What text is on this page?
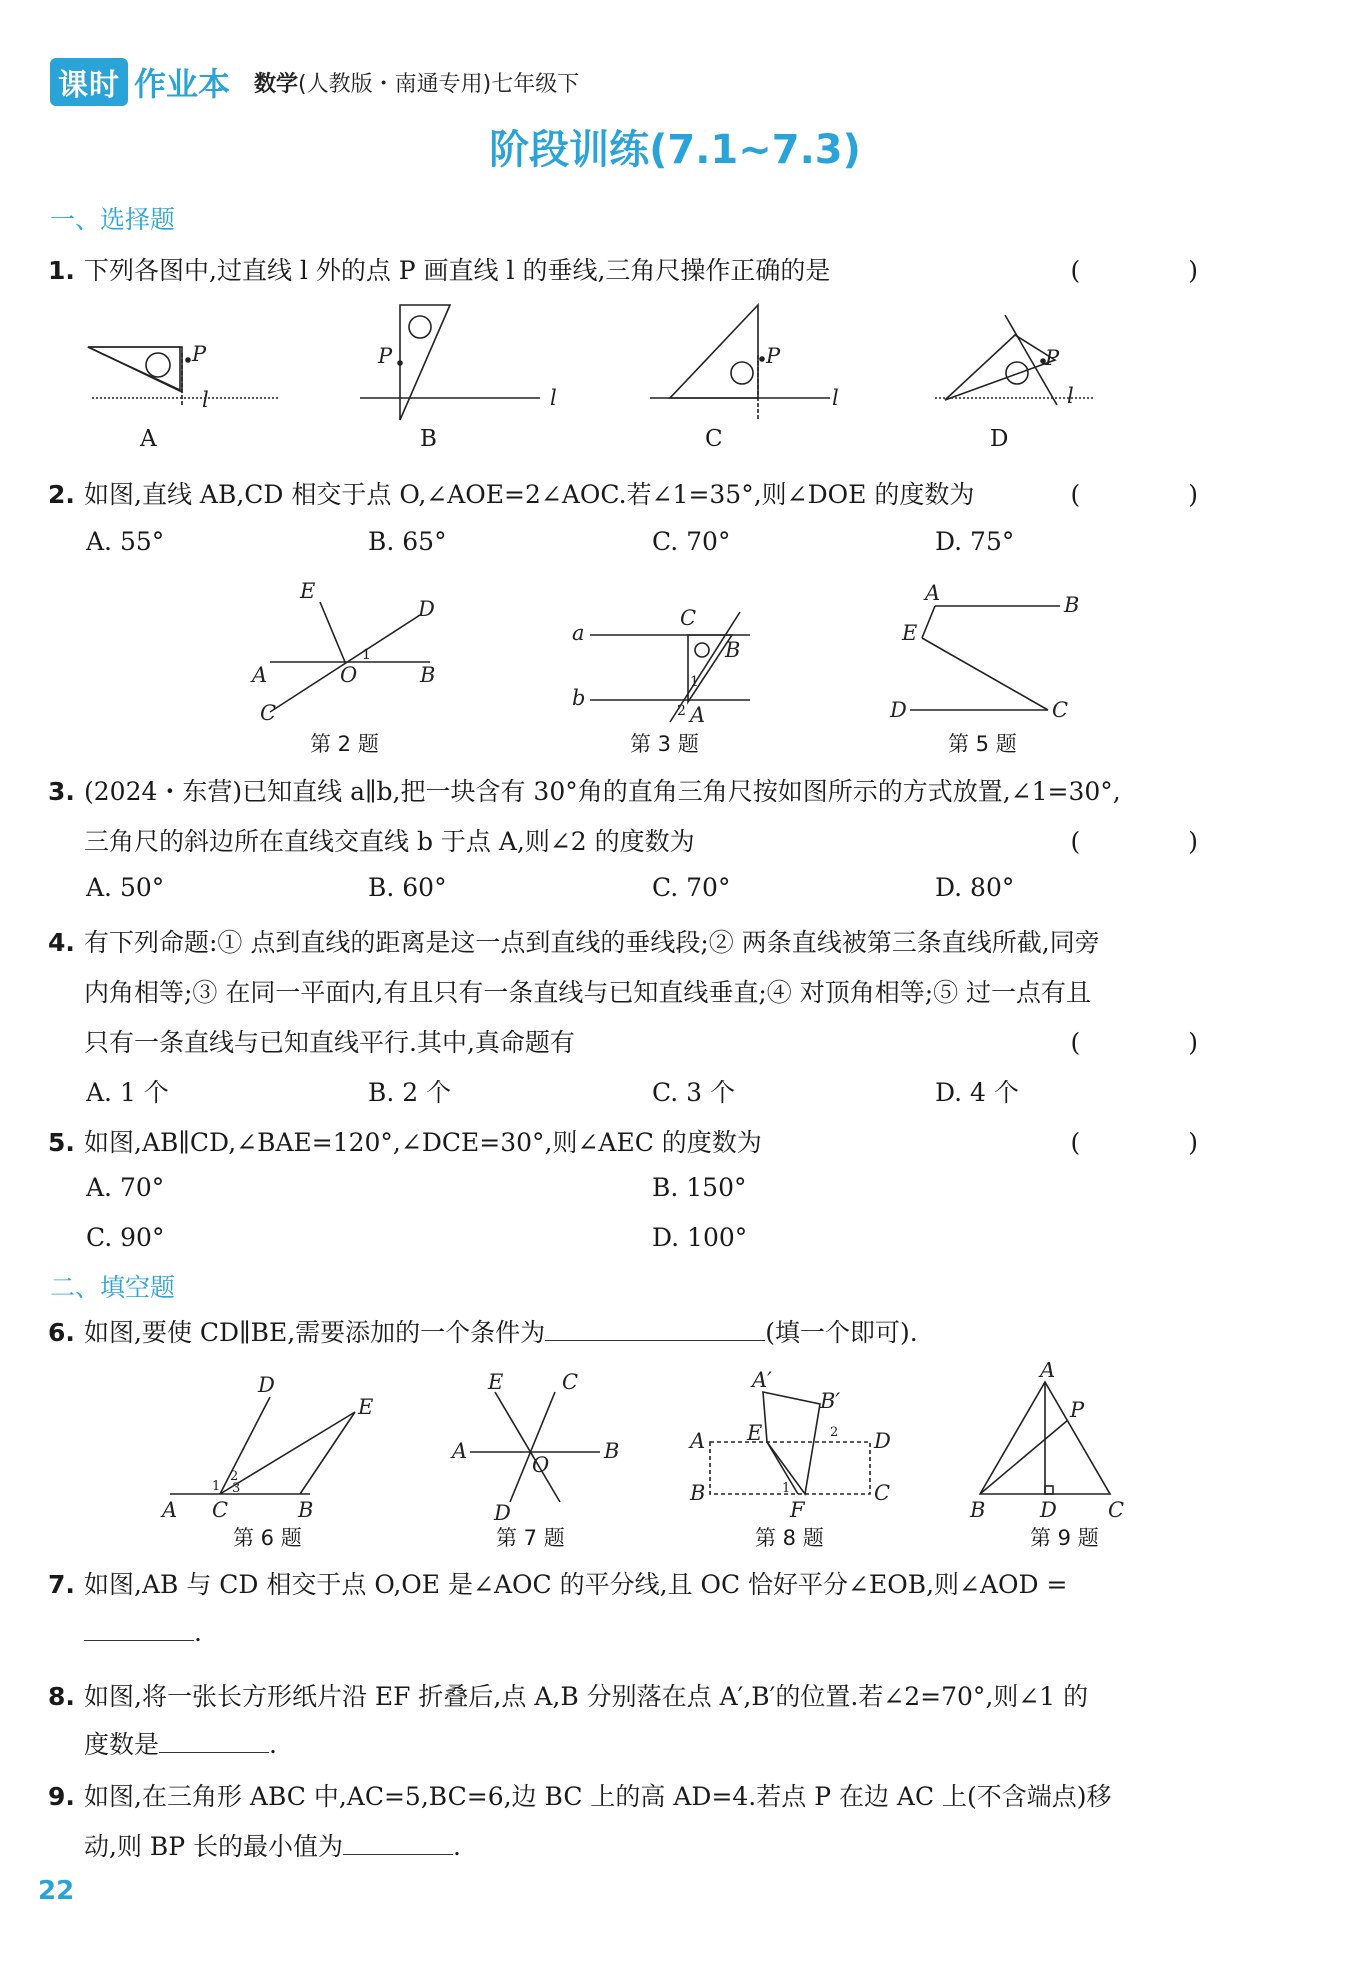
课时 作业本 数学(人教版・南通专用)七年级下
阶段训练(7.1~7.3)
一、选择题
1. 下列各图中,过直线 l 外的点 P 画直线 l 的垂线,三角尺操作正确的是	( )
P
l
P
l
P
l
P
l
A	B	C	D
2. 如图,直线 AB,CD 相交于点 O,∠AOE=2∠AOC.若∠1=35°,则∠DOE 的度数为	( )
A. 55°	B. 65°	C. 70°	D. 75°
E
D
A	O	B
C
1
a
b
C
B
A
1
2
A	B
E
D	C
第 2 题	第 3 题	第 5 题
3. (2024・东营)已知直线 a∥b,把一块含有 30°角的直角三角尺按如图所示的方式放置,∠1=30°,
三角尺的斜边所在直线交直线 b 于点 A,则∠2 的度数为	( )
A. 50°	B. 60°	C. 70°	D. 80°
4. 有下列命题:① 点到直线的距离是这一点到直线的垂线段;② 两条直线被第三条直线所截,同旁
内角相等;③ 在同一平面内,有且只有一条直线与已知直线垂直;④ 对顶角相等;⑤ 过一点有且
只有一条直线与已知直线平行.其中,真命题有	( )
A. 1 个	B. 2 个	C. 3 个	D. 4 个
5. 如图,AB∥CD,∠BAE=120°,∠DCE=30°,则∠AEC 的度数为	( )
A. 70°	B. 150°
C. 90°	D. 100°
二、填空题
6. 如图,要使 CD∥BE,需要添加的一个条件为	(填一个即可).
D
E
A C	B
1
2
3
E	C
A	B
O
D
A′
B′
E
A	D
B	C
F
1
2
A
P
B	D C
第 6 题	第 7 题	第 8 题	第 9 题
7. 如图,AB 与 CD 相交于点 O,OE 是∠AOC 的平分线,且 OC 恰好平分∠EOB,则∠AOD =
.
8. 如图,将一张长方形纸片沿 EF 折叠后,点 A,B 分别落在点 A′,B′的位置.若∠2=70°,则∠1 的
度数是	.
9. 如图,在三角形 ABC 中,AC=5,BC=6,边 BC 上的高 AD=4.若点 P 在边 AC 上(不含端点)移
动,则 BP 长的最小值为	.
22
